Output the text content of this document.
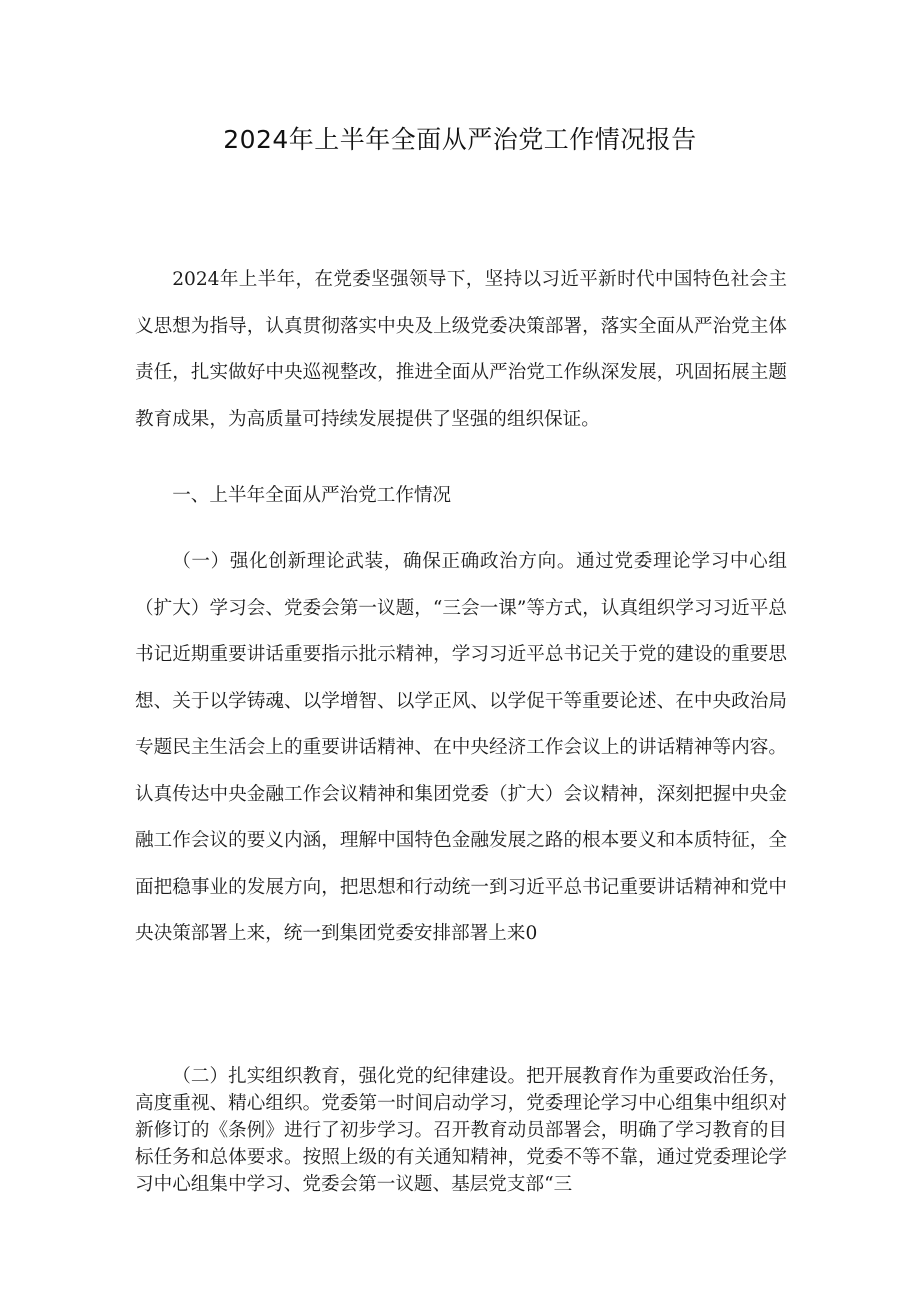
2024年上半年全面从严治党工作情况报告

2024年上半年，在党委坚强领导下，坚持以习近平新时代中国特色社会主义思想为指导，认真贯彻落实中央及上级党委决策部署，落实全面从严治党主体责任，扎实做好中央巡视整改，推进全面从严治党工作纵深发展，巩固拓展主题教育成果，为高质量可持续发展提供了坚强的组织保证。

一、上半年全面从严治党工作情况

（一）强化创新理论武装，确保正确政治方向。通过党委理论学习中心组（扩大）学习会、党委会第一议题，“三会一课”等方式，认真组织学习习近平总书记近期重要讲话重要指示批示精神，学习习近平总书记关于党的建设的重要思想、关于以学铸魂、以学增智、以学正风、以学促干等重要论述、在中央政治局专题民主生活会上的重要讲话精神、在中央经济工作会议上的讲话精神等内容。认真传达中央金融工作会议精神和集团党委（扩大）会议精神，深刻把握中央金融工作会议的要义内涵，理解中国特色金融发展之路的根本要义和本质特征，全面把稳事业的发展方向，把思想和行动统一到习近平总书记重要讲话精神和党中央决策部署上来，统一到集团党委安排部署上来0

（二）扎实组织教育，强化党的纪律建设。把开展教育作为重要政治任务，高度重视、精心组织。党委第一时间启动学习，党委理论学习中心组集中组织对新修订的《条例》进行了初步学习。召开教育动员部署会，明确了学习教育的目标任务和总体要求。按照上级的有关通知精神，党委不等不靠，通过党委理论学习中心组集中学习、党委会第一议题、基层党支部“三
